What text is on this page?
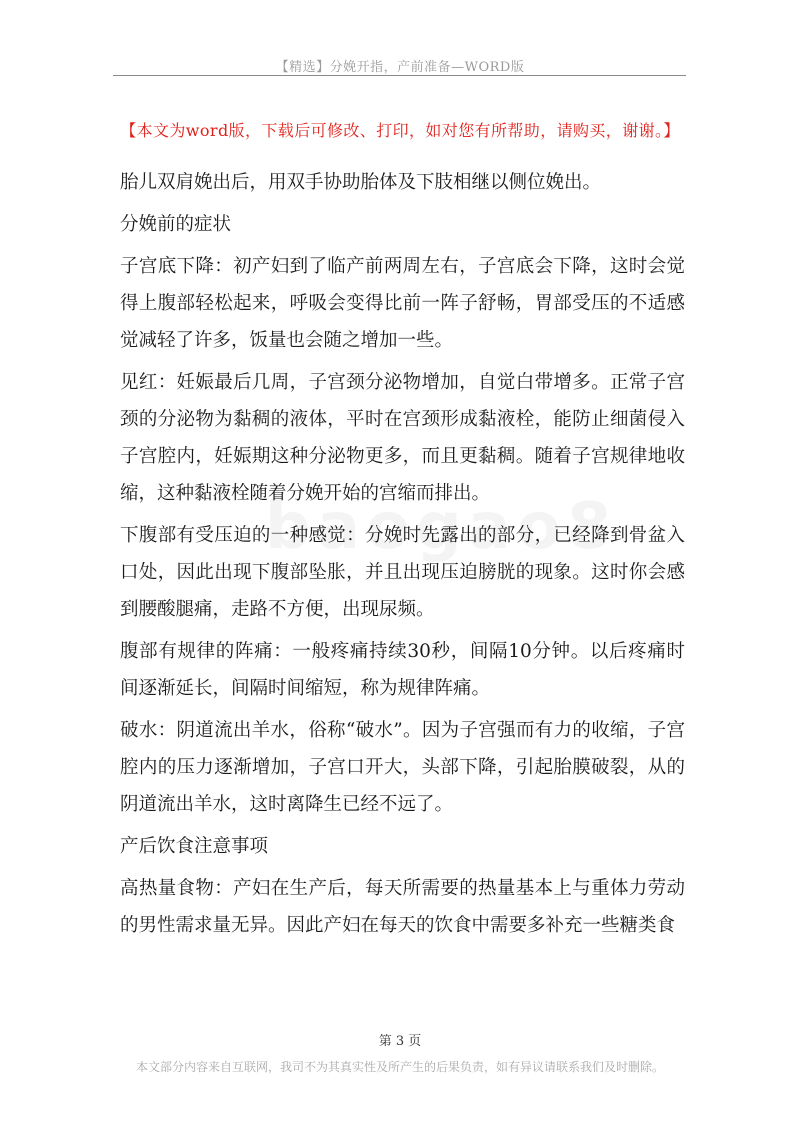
【精选】分娩开指，产前准备—WORD版
【本文为word版，下载后可修改、打印，如对您有所帮助，请购买，谢谢。】

胎儿双肩娩出后，用双手协助胎体及下肢相继以侧位娩出。

分娩前的症状

子宫底下降：初产妇到了临产前两周左右，子宫底会下降，这时会觉得上腹部轻松起来，呼吸会变得比前一阵子舒畅，胃部受压的不适感觉减轻了许多，饭量也会随之增加一些。

见红：妊娠最后几周，子宫颈分泌物增加，自觉白带增多。正常子宫颈的分泌物为黏稠的液体，平时在宫颈形成黏液栓，能防止细菌侵入子宫腔内，妊娠期这种分泌物更多，而且更黏稠。随着子宫规律地收缩，这种黏液栓随着分娩开始的宫缩而排出。

下腹部有受压迫的一种感觉：分娩时先露出的部分，已经降到骨盆入口处，因此出现下腹部坠胀，并且出现压迫膀胱的现象。这时你会感到腰酸腿痛，走路不方便，出现尿频。

腹部有规律的阵痛：一般疼痛持续30秒，间隔10分钟。以后疼痛时间逐渐延长，间隔时间缩短，称为规律阵痛。

破水：阴道流出羊水，俗称“破水”。因为子宫强而有力的收缩，子宫腔内的压力逐渐增加，子宫口开大，头部下降，引起胎膜破裂，从的阴道流出羊水，这时离降生已经不远了。

产后饮食注意事项

高热量食物：产妇在生产后，每天所需要的热量基本上与重体力劳动的男性需求量无异。因此产妇在每天的饮食中需要多补充一些糖类食

第 3 页
本文部分内容来自互联网，我司不为其真实性及所产生的后果负责，如有异议请联系我们及时删除。
